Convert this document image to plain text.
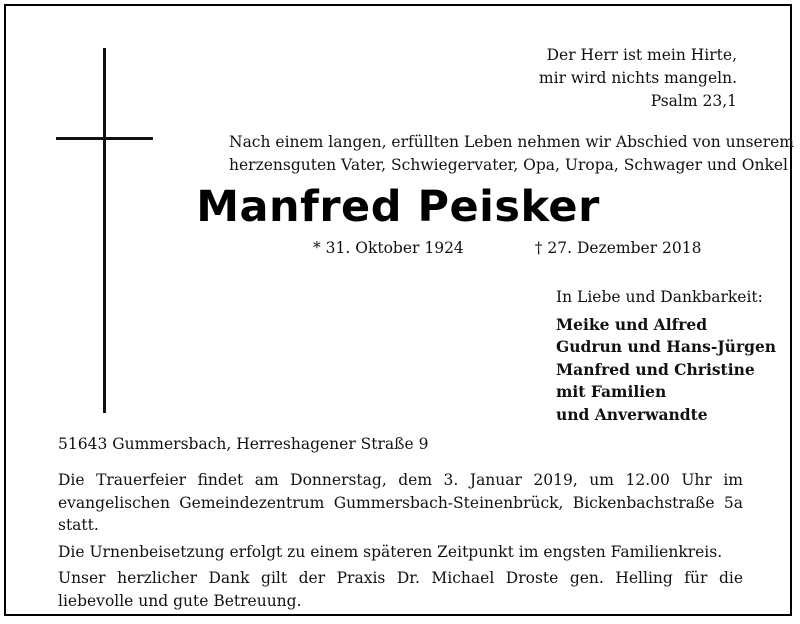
Der Herr ist mein Hirte,
mir wird nichts mangeln.
Psalm 23,1
Nach einem langen, erfüllten Leben nehmen wir Abschied von unserem
herzensguten Vater, Schwiegervater, Opa, Uropa, Schwager und Onkel
Manfred Peisker
* 31. Oktober 1924	† 27. Dezember 2018
In Liebe und Dankbarkeit:
Meike und Alfred
Gudrun und Hans-Jürgen
Manfred und Christine
mit Familien
und Anverwandte
51643 Gummersbach, Herreshagener Straße 9

Die Trauerfeier findet am Donnerstag, dem 3. Januar 2019, um 12.00 Uhr im evangelischen Gemeindezentrum Gummersbach-Steinenbrück, Bickenbachstraße 5a statt.

Die Urnenbeisetzung erfolgt zu einem späteren Zeitpunkt im engsten Familienkreis.

Unser herzlicher Dank gilt der Praxis Dr. Michael Droste gen. Helling für die liebevolle und gute Betreuung.
